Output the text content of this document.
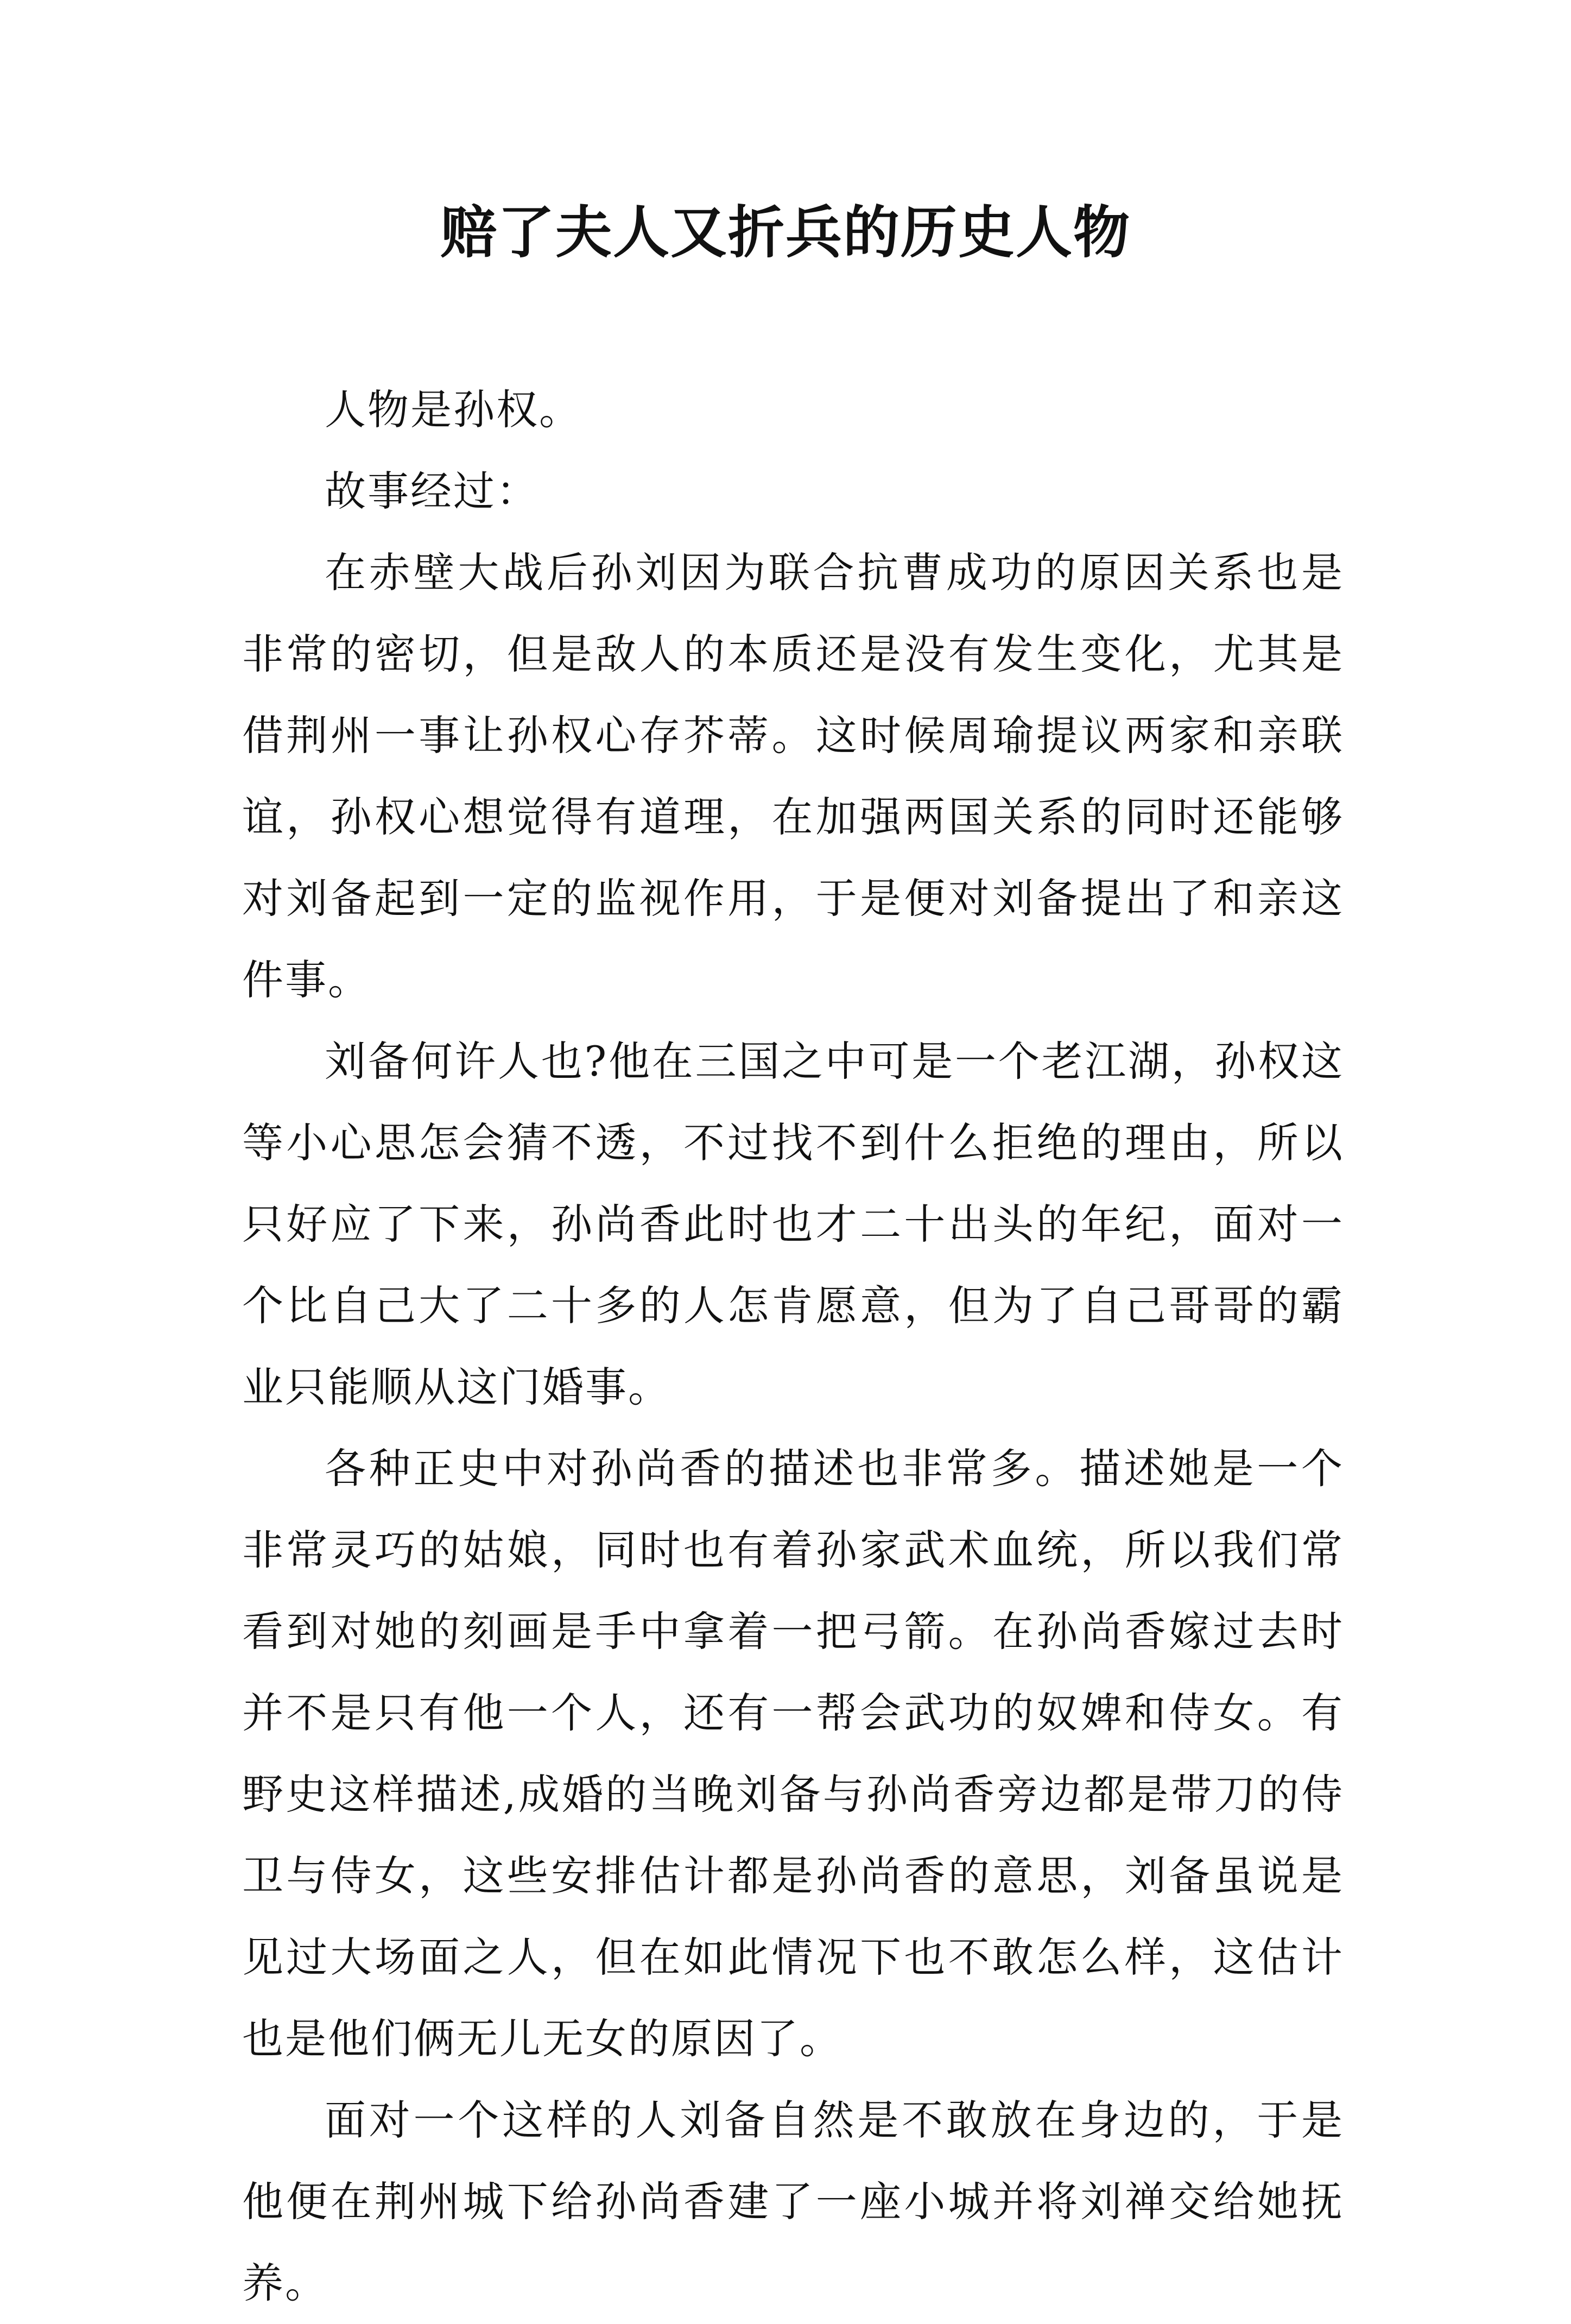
赔了夫人又折兵的历史人物

人物是孙权。

故事经过：

在赤壁大战后孙刘因为联合抗曹成功的原因关系也是非常的密切，但是敌人的本质还是没有发生变化，尤其是借荆州一事让孙权心存芥蒂。这时候周瑜提议两家和亲联谊，孙权心想觉得有道理，在加强两国关系的同时还能够对刘备起到一定的监视作用，于是便对刘备提出了和亲这件事。

刘备何许人也?他在三国之中可是一个老江湖，孙权这等小心思怎会猜不透，不过找不到什么拒绝的理由，所以只好应了下来，孙尚香此时也才二十出头的年纪，面对一个比自己大了二十多的人怎肯愿意，但为了自己哥哥的霸业只能顺从这门婚事。

各种正史中对孙尚香的描述也非常多。描述她是一个非常灵巧的姑娘，同时也有着孙家武术血统，所以我们常看到对她的刻画是手中拿着一把弓箭。在孙尚香嫁过去时并不是只有他一个人，还有一帮会武功的奴婢和侍女。有野史这样描述,成婚的当晚刘备与孙尚香旁边都是带刀的侍卫与侍女，这些安排估计都是孙尚香的意思，刘备虽说是见过大场面之人，但在如此情况下也不敢怎么样，这估计也是他们俩无儿无女的原因了。

面对一个这样的人刘备自然是不敢放在身边的，于是他便在荆州城下给孙尚香建了一座小城并将刘禅交给她抚养。
